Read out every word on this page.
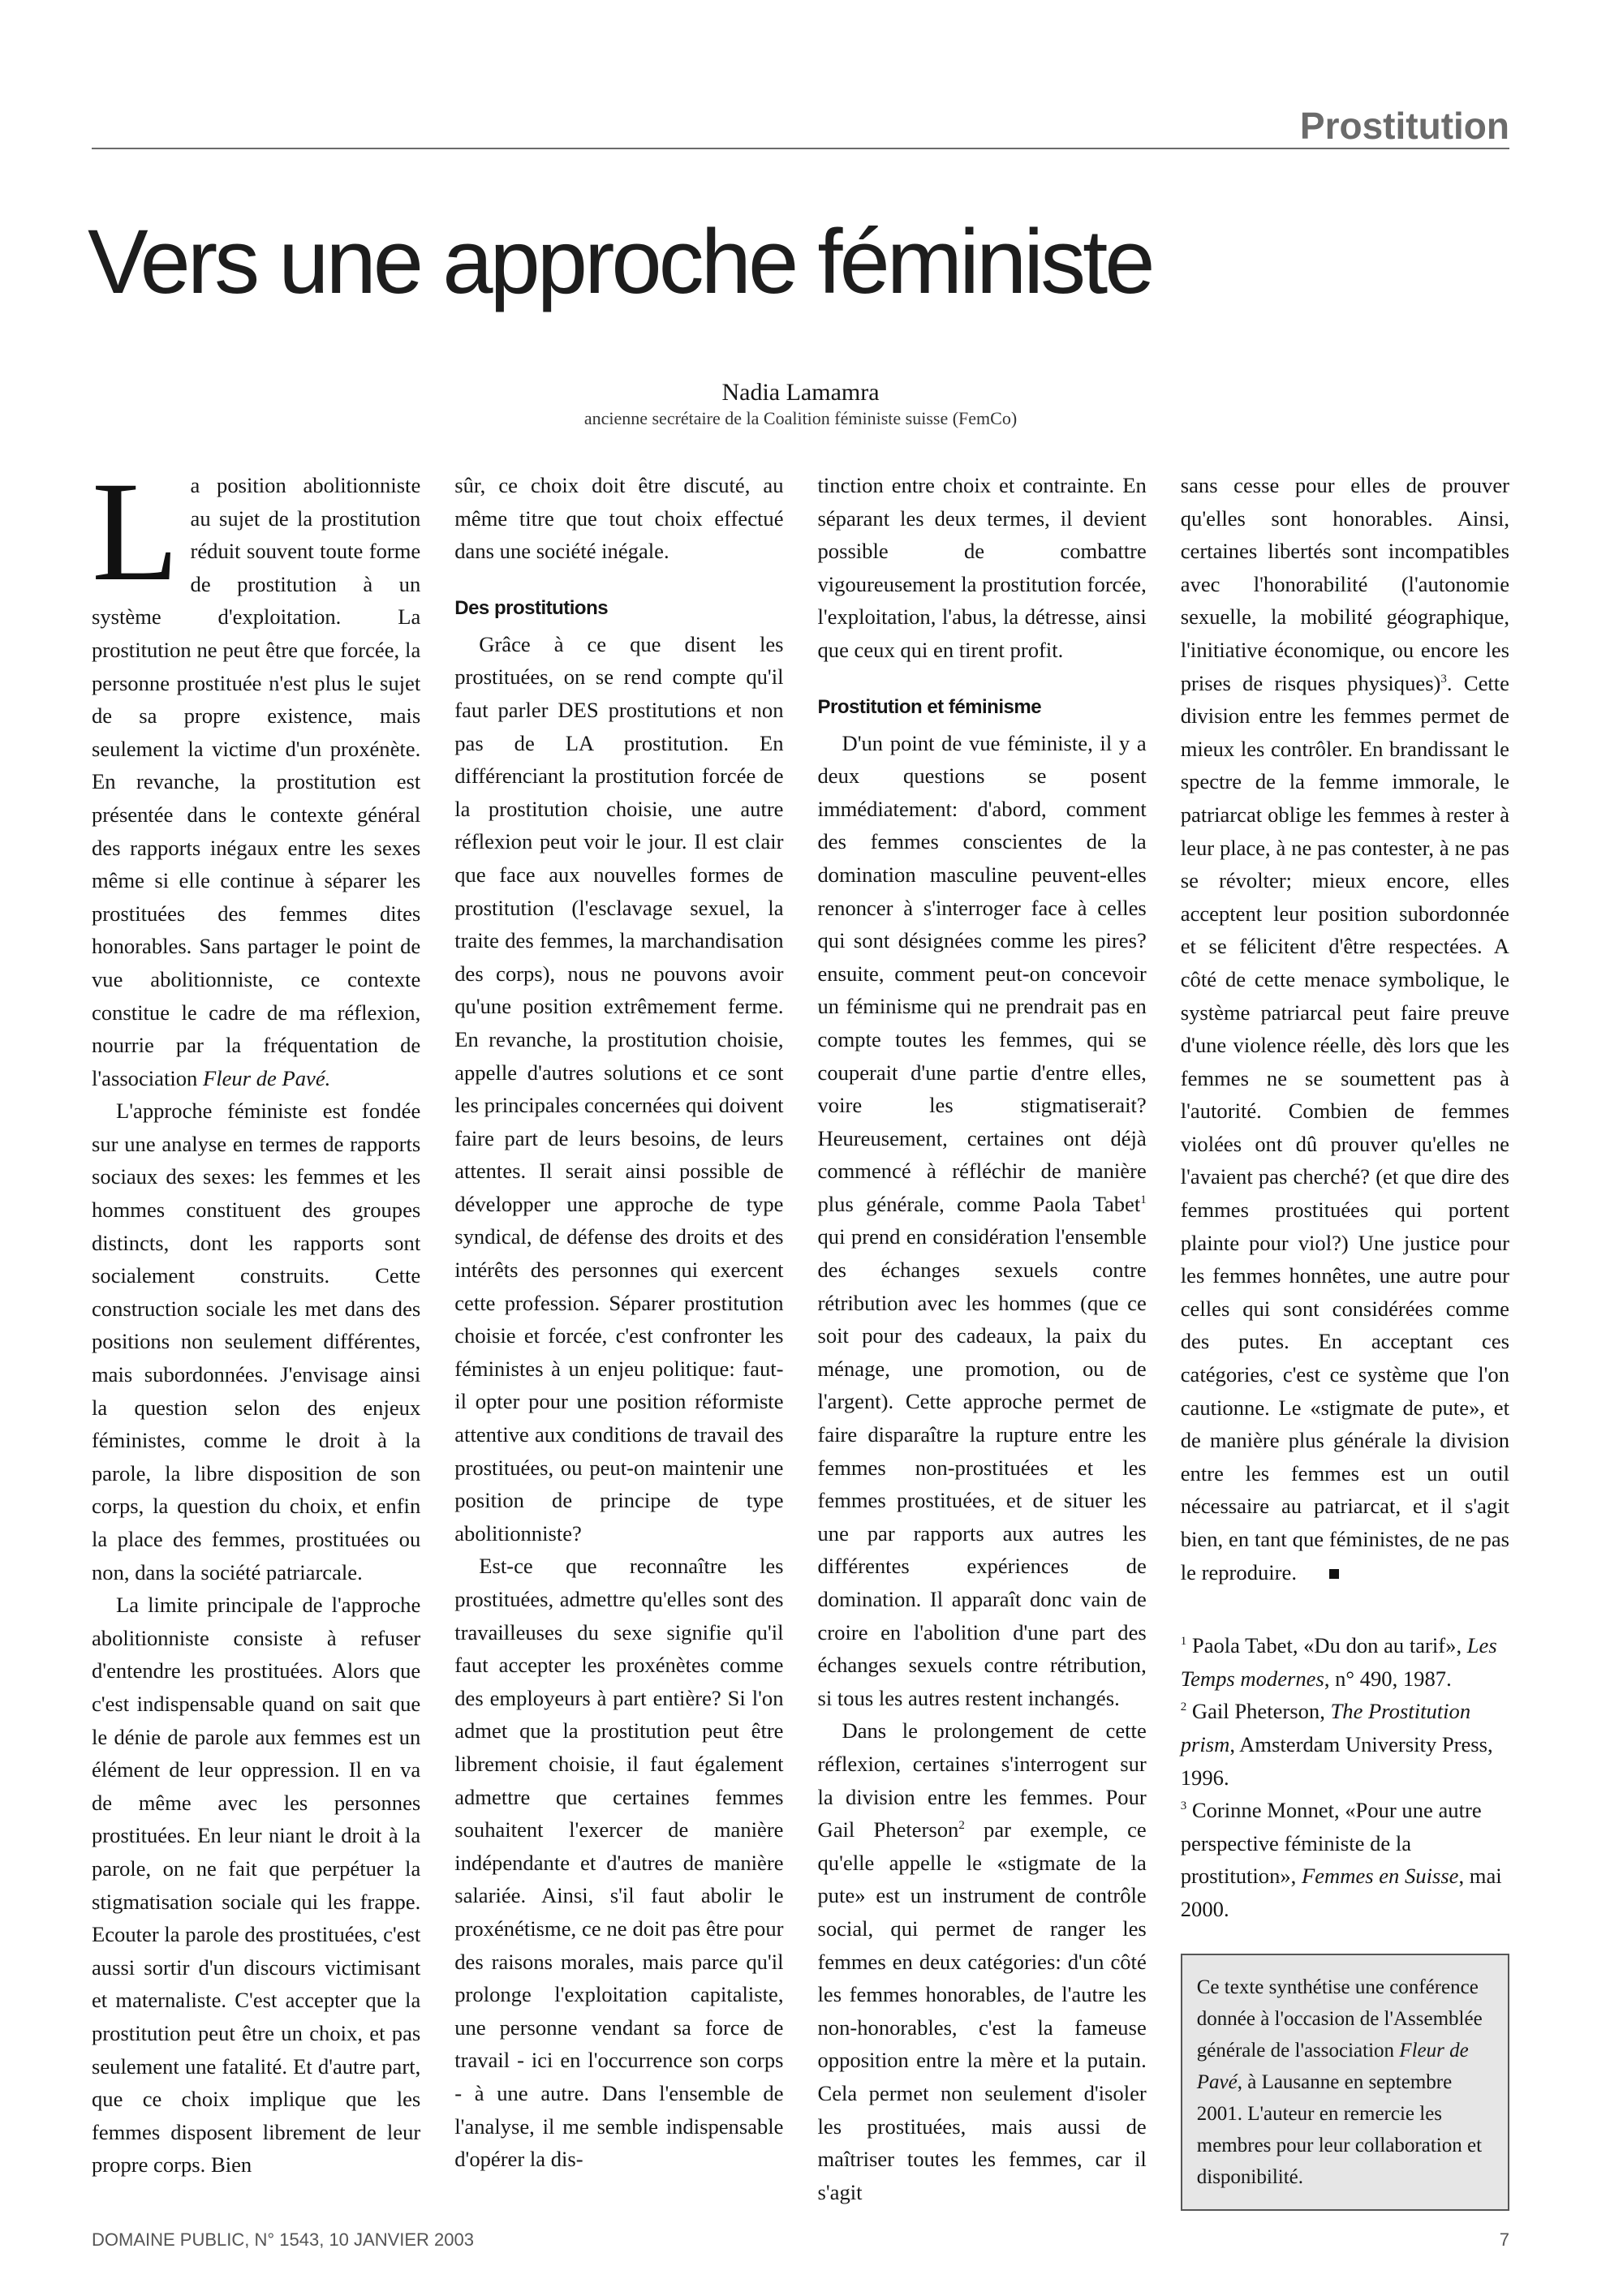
Prostitution
Vers une approche féministe
Nadia Lamamra
ancienne secrétaire de la Coalition féministe suisse (FemCo)

La position abolitionniste au sujet de la prostitution réduit souvent toute forme de prostitution à un système d'exploitation. La prostitution ne peut être que forcée, la personne prostituée n'est plus le sujet de sa propre existence, mais seulement la victime d'un proxénète. En revanche, la prostitution est présentée dans le contexte général des rapports inégaux entre les sexes même si elle continue à séparer les prostituées des femmes dites honorables. Sans partager le point de vue abolitionniste, ce contexte constitue le cadre de ma réflexion, nourrie par la fréquentation de l'association Fleur de Pavé.

L'approche féministe est fondée sur une analyse en termes de rapports sociaux des sexes: les femmes et les hommes constituent des groupes distincts, dont les rapports sont socialement construits. Cette construction sociale les met dans des positions non seulement différentes, mais subordonnées. J'envisage ainsi la question selon des enjeux féministes, comme le droit à la parole, la libre disposition de son corps, la question du choix, et enfin la place des femmes, prostituées ou non, dans la société patriarcale.

La limite principale de l'approche abolitionniste consiste à refuser d'entendre les prostituées. Alors que c'est indispensable quand on sait que le dénie de parole aux femmes est un élément de leur oppression. Il en va de même avec les personnes prostituées. En leur niant le droit à la parole, on ne fait que perpétuer la stigmatisation sociale qui les frappe. Ecouter la parole des prostituées, c'est aussi sortir d'un discours victimisant et maternaliste. C'est accepter que la prostitution peut être un choix, et pas seulement une fatalité. Et d'autre part, que ce choix implique que les femmes disposent librement de leur propre corps. Bien

sûr, ce choix doit être discuté, au même titre que tout choix effectué dans une société inégale.

Des prostitutions

Grâce à ce que disent les prostituées, on se rend compte qu'il faut parler DES prostitutions et non pas de LA prostitution. En différenciant la prostitution forcée de la prostitution choisie, une autre réflexion peut voir le jour. Il est clair que face aux nouvelles formes de prostitution (l'esclavage sexuel, la traite des femmes, la marchandisation des corps), nous ne pouvons avoir qu'une position extrêmement ferme. En revanche, la prostitution choisie, appelle d'autres solutions et ce sont les principales concernées qui doivent faire part de leurs besoins, de leurs attentes. Il serait ainsi possible de développer une approche de type syndical, de défense des droits et des intérêts des personnes qui exercent cette profession. Séparer prostitution choisie et forcée, c'est confronter les féministes à un enjeu politique: faut-il opter pour une position réformiste attentive aux conditions de travail des prostituées, ou peut-on maintenir une position de principe de type abolitionniste?

Est-ce que reconnaître les prostituées, admettre qu'elles sont des travailleuses du sexe signifie qu'il faut accepter les proxénètes comme des employeurs à part entière? Si l'on admet que la prostitution peut être librement choisie, il faut également admettre que certaines femmes souhaitent l'exercer de manière indépendante et d'autres de manière salariée. Ainsi, s'il faut abolir le proxénétisme, ce ne doit pas être pour des raisons morales, mais parce qu'il prolonge l'exploitation capitaliste, une personne vendant sa force de travail - ici en l'occurrence son corps - à une autre. Dans l'ensemble de l'analyse, il me semble indispensable d'opérer la dis-

tinction entre choix et contrainte. En séparant les deux termes, il devient possible de combattre vigoureusement la prostitution forcée, l'exploitation, l'abus, la détresse, ainsi que ceux qui en tirent profit.

Prostitution et féminisme

D'un point de vue féministe, il y a deux questions se posent immédiatement: d'abord, comment des femmes conscientes de la domination masculine peuvent-elles renoncer à s'interroger face à celles qui sont désignées comme les pires? ensuite, comment peut-on concevoir un féminisme qui ne prendrait pas en compte toutes les femmes, qui se couperait d'une partie d'entre elles, voire les stigmatiserait? Heureusement, certaines ont déjà commencé à réfléchir de manière plus générale, comme Paola Tabet$^1$ qui prend en considération l'ensemble des échanges sexuels contre rétribution avec les hommes (que ce soit pour des cadeaux, la paix du ménage, une promotion, ou de l'argent). Cette approche permet de faire disparaître la rupture entre les femmes non-prostituées et les femmes prostituées, et de situer les une par rapports aux autres les différentes expériences de domination. Il apparaît donc vain de croire en l'abolition d'une part des échanges sexuels contre rétribution, si tous les autres restent inchangés.

Dans le prolongement de cette réflexion, certaines s'interrogent sur la division entre les femmes. Pour Gail Pheterson$^2$ par exemple, ce qu'elle appelle le «stigmate de la pute» est un instrument de contrôle social, qui permet de ranger les femmes en deux catégories: d'un côté les femmes honorables, de l'autre les non-honorables, c'est la fameuse opposition entre la mère et la putain. Cela permet non seulement d'isoler les prostituées, mais aussi de maîtriser toutes les femmes, car il s'agit

sans cesse pour elles de prouver qu'elles sont honorables. Ainsi, certaines libertés sont incompatibles avec l'honorabilité (l'autonomie sexuelle, la mobilité géographique, l'initiative économique, ou encore les prises de risques physiques)$^3$. Cette division entre les femmes permet de mieux les contrôler. En brandissant le spectre de la femme immorale, le patriarcat oblige les femmes à rester à leur place, à ne pas contester, à ne pas se révolter; mieux encore, elles acceptent leur position subordonnée et se félicitent d'être respectées. A côté de cette menace symbolique, le système patriarcal peut faire preuve d'une violence réelle, dès lors que les femmes ne se soumettent pas à l'autorité. Combien de femmes violées ont dû prouver qu'elles ne l'avaient pas cherché? (et que dire des femmes prostituées qui portent plainte pour viol?) Une justice pour les femmes honnêtes, une autre pour celles qui sont considérées comme des putes. En acceptant ces catégories, c'est ce système que l'on cautionne. Le «stigmate de pute», et de manière plus générale la division entre les femmes est un outil nécessaire au patriarcat, et il s'agit bien, en tant que féministes, de ne pas le reproduire.

$^1$ Paola Tabet, «Du don au tarif», Les Temps modernes, n° 490, 1987.

$^2$ Gail Pheterson, The Prostitution prism, Amsterdam University Press, 1996.

$^3$ Corinne Monnet, «Pour une autre perspective féministe de la prostitution», Femmes en Suisse, mai 2000.

Ce texte synthétise une conférence donnée à l'occasion de l'Assemblée générale de l'association Fleur de Pavé, à Lausanne en septembre 2001. L'auteur en remercie les membres pour leur collaboration et disponibilité.
DOMAINE PUBLIC, N° 1543, 10 JANVIER 2003	7
